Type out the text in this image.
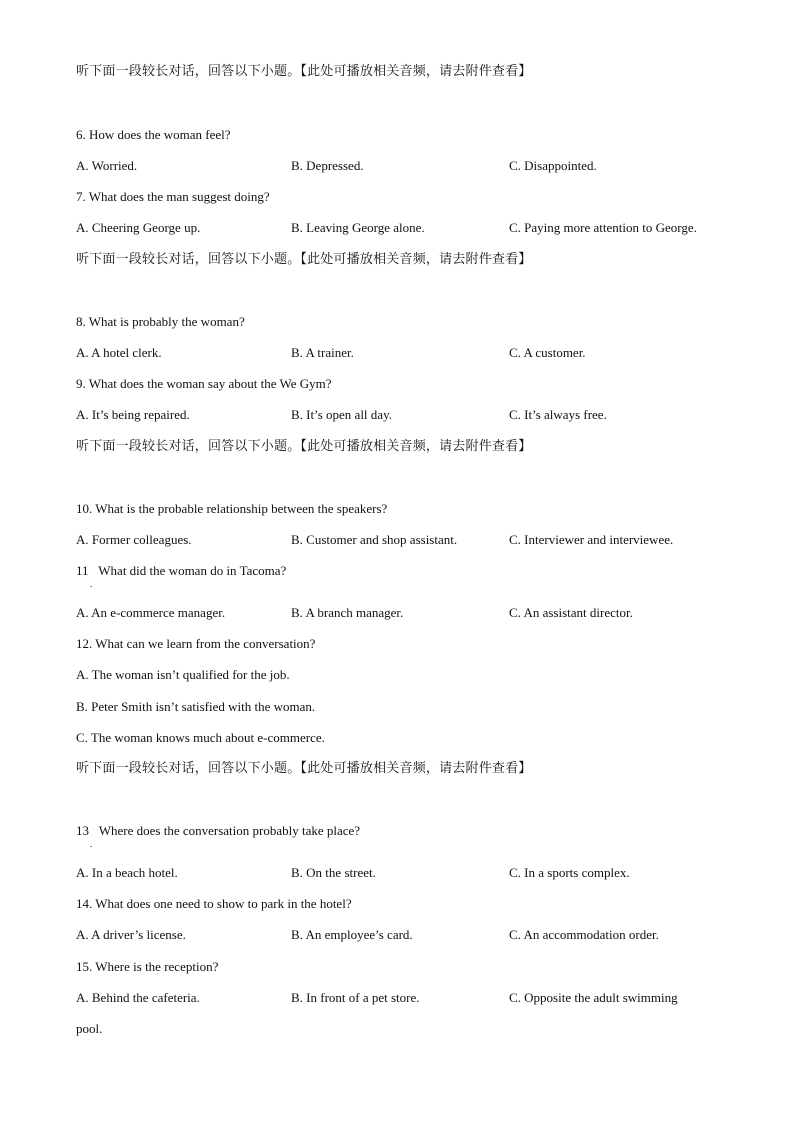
听下面一段较长对话，回答以下小题。【此处可播放相关音频，请去附件查看】
6. How does the woman feel?
A. Worried.	B. Depressed.	C. Disappointed.
7. What does the man suggest doing?
A. Cheering George up.	B. Leaving George alone.	C. Paying more attention to George.
听下面一段较长对话，回答以下小题。【此处可播放相关音频，请去附件查看】
8. What is probably the woman?
A. A hotel clerk.	B. A trainer.	C. A customer.
9. What does the woman say about the We Gym?
A. It’s being repaired.	B. It’s open all day.	C. It’s always free.
听下面一段较长对话，回答以下小题。【此处可播放相关音频，请去附件查看】
10. What is the probable relationship between the speakers?
A. Former colleagues.	B. Customer and shop assistant.	C. Interviewer and interviewee.
11 What did the woman do in Tacoma?
.
A. An e-commerce manager.	B. A branch manager.	C. An assistant director.
12. What can we learn from the conversation?
A. The woman isn’t qualified for the job.
B. Peter Smith isn’t satisfied with the woman.
C. The woman knows much about e-commerce.
听下面一段较长对话，回答以下小题。【此处可播放相关音频，请去附件查看】
13 Where does the conversation probably take place?
.
A. In a beach hotel.	B. On the street.	C. In a sports complex.
14. What does one need to show to park in the hotel?
A. A driver’s license.	B. An employee’s card.	C. An accommodation order.
15. Where is the reception?
A. Behind the cafeteria.	B. In front of a pet store.	C. Opposite the adult swimming
pool.
